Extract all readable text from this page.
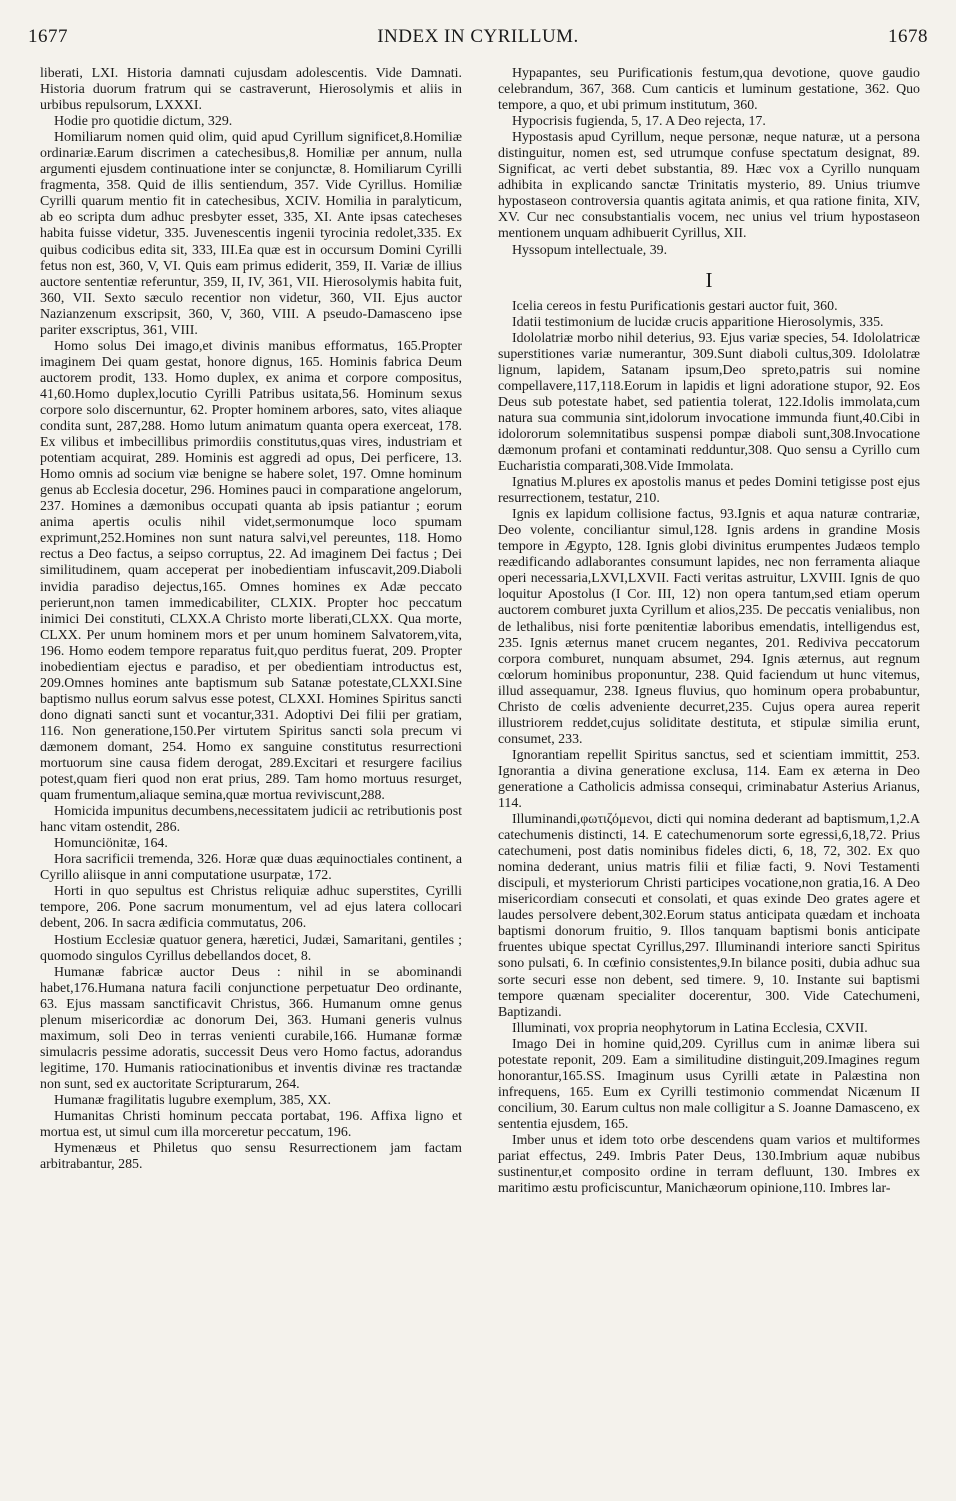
1677	INDEX IN CYRILLUM.	1678

liberati, LXI. Historia damnati cujusdam adolescentis. Vide Damnati. Historia duorum fratrum qui se castraverunt, Hierosolymis et aliis in urbibus repulsorum, LXXXI.

Hodie pro quotidie dictum, 329.

Homiliarum nomen quid olim, quid apud Cyrillum significet,8.Homiliæ ordinariæ.Earum discrimen a catechesibus,8. Homiliæ per annum, nulla argumenti ejusdem continuatione inter se conjunctæ, 8. Homiliarum Cyrilli fragmenta, 358. Quid de illis sentiendum, 357. Vide Cyrillus. Homiliæ Cyrilli quarum mentio fit in catechesibus, XCIV. Homilia in paralyticum, ab eo scripta dum adhuc presbyter esset, 335, XI. Ante ipsas catecheses habita fuisse videtur, 335. Juvenescentis ingenii tyrocinia redolet,335. Ex quibus codicibus edita sit, 333, III.Ea quæ est in occursum Domini Cyrilli fetus non est, 360, V, VI. Quis eam primus ediderit, 359, II. Variæ de illius auctore sententiæ referuntur, 359, II, IV, 361, VII. Hierosolymis habita fuit, 360, VII. Sexto sæculo recentior non videtur, 360, VII. Ejus auctor Nazianzenum exscripsit, 360, V, 360, VIII. A pseudo-Damasceno ipse pariter exscriptus, 361, VIII.

Homo solus Dei imago,et divinis manibus efformatus, 165.Propter imaginem Dei quam gestat, honore dignus, 165. Hominis fabrica Deum auctorem prodit, 133. Homo duplex, ex anima et corpore compositus, 41,60.Homo duplex,locutio Cyrilli Patribus usitata,56. Hominum sexus corpore solo discernuntur, 62. Propter hominem arbores, sato, vites aliaque condita sunt, 287,288. Homo lutum animatum quanta opera exerceat, 178. Ex vilibus et imbecillibus primordiis constitutus,quas vires, industriam et potentiam acquirat, 289. Hominis est aggredi ad opus, Dei perficere, 13. Homo omnis ad socium viæ benigne se habere solet, 197. Omne hominum genus ab Ecclesia docetur, 296. Homines pauci in comparatione angelorum, 237. Homines a dæmonibus occupati quanta ab ipsis patiantur ; eorum anima apertis oculis nihil videt,sermonumque loco spumam exprimunt,252.Homines non sunt natura salvi,vel pereuntes, 118. Homo rectus a Deo factus, a seipso corruptus, 22. Ad imaginem Dei factus ; Dei similitudinem, quam acceperat per inobedientiam infuscavit,209.Diaboli invidia paradiso dejectus,165. Omnes homines ex Adæ peccato perierunt,non tamen immedicabiliter, CLXIX. Propter hoc peccatum inimici Dei constituti, CLXX.A Christo morte liberati,CLXX. Qua morte, CLXX. Per unum hominem mors et per unum hominem Salvatorem,vita, 196. Homo eodem tempore reparatus fuit,quo perditus fuerat, 209. Propter inobedientiam ejectus e paradiso, et per obedientiam introductus est, 209.Omnes homines ante baptismum sub Satanæ potestate,CLXXI.Sine baptismo nullus eorum salvus esse potest, CLXXI. Homines Spiritus sancti dono dignati sancti sunt et vocantur,331. Adoptivi Dei filii per gratiam, 116. Non generatione,150.Per virtutem Spiritus sancti sola precum vi dæmonem domant, 254. Homo ex sanguine constitutus resurrectioni mortuorum sine causa fidem derogat, 289.Excitari et resurgere facilius potest,quam fieri quod non erat prius, 289. Tam homo mortuus resurget, quam frumentum,aliaque semina,quæ mortua reviviscunt,288.

Homicida impunitus decumbens,necessitatem judicii ac retributionis post hanc vitam ostendit, 286.

Homunciönitæ, 164.

Hora sacrificii tremenda, 326. Horæ quæ duas æquinoctiales continent, a Cyrillo aliisque in anni computatione usurpatæ, 172.

Horti in quo sepultus est Christus reliquiæ adhuc superstites, Cyrilli tempore, 206. Pone sacrum monumentum, vel ad ejus latera collocari debent, 206. In sacra ædificia commutatus, 206.

Hostium Ecclesiæ quatuor genera, hæretici, Judæi, Samaritani, gentiles ; quomodo singulos Cyrillus debellandos docet, 8.

Humanæ fabricæ auctor Deus : nihil in se abominandi habet,176.Humana natura facili conjunctione perpetuatur Deo ordinante, 63. Ejus massam sanctificavit Christus, 366. Humanum omne genus plenum misericordiæ ac donorum Dei, 363. Humani generis vulnus maximum, soli Deo in terras venienti curabile,166. Humanæ formæ simulacris pessime adoratis, successit Deus vero Homo factus, adorandus legitime, 170. Humanis ratiocinationibus et inventis divinæ res tractandæ non sunt, sed ex auctoritate Scripturarum, 264.

Humanæ fragilitatis lugubre exemplum, 385, XX.

Humanitas Christi hominum peccata portabat, 196. Affixa ligno et mortua est, ut simul cum illa morceretur peccatum, 196.

Hymenæus et Philetus quo sensu Resurrectionem jam factam arbitrabantur, 285.

Hypapantes, seu Purificationis festum,qua devotione, quove gaudio celebrandum, 367, 368. Cum canticis et luminum gestatione, 362. Quo tempore, a quo, et ubi primum institutum, 360.

Hypocrisis fugienda, 5, 17. A Deo rejecta, 17.

Hypostasis apud Cyrillum, neque personæ, neque naturæ, ut a persona distinguitur, nomen est, sed utrumque confuse spectatum designat, 89. Significat, ac verti debet substantia, 89. Hæc vox a Cyrillo nunquam adhibita in explicando sanctæ Trinitatis mysterio, 89. Unius triumve hypostaseon controversia quantis agitata animis, et qua ratione finita, XIV, XV. Cur nec consubstantialis vocem, nec unius vel trium hypostaseon mentionem unquam adhibuerit Cyrillus, XII.

Hyssopum intellectuale, 39.

I

Icelia cereos in festu Purificationis gestari auctor fuit, 360.

Idatii testimonium de lucidæ crucis apparitione Hierosolymis, 335.

Idololatriæ morbo nihil deterius, 93. Ejus variæ species, 54. Idololatricæ superstitiones variæ numerantur, 309.Sunt diaboli cultus,309. Idololatræ lignum, lapidem, Satanam ipsum,Deo spreto,patris sui nomine compellavere,117,118.Eorum in lapidis et ligni adoratione stupor, 92. Eos Deus sub potestate habet, sed patientia tolerat, 122.Idolis immolata,cum natura sua communia sint,idolorum invocatione immunda fiunt,40.Cibi in idolororum solemnitatibus suspensi pompæ diaboli sunt,308.Invocatione dæmonum profani et contaminati redduntur,308. Quo sensu a Cyrillo cum Eucharistia comparati,308.Vide Immolata.

Ignatius M.plures ex apostolis manus et pedes Domini tetigisse post ejus resurrectionem, testatur, 210.

Ignis ex lapidum collisione factus, 93.Ignis et aqua naturæ contrariæ, Deo volente, conciliantur simul,128. Ignis ardens in grandine Mosis tempore in Ægypto, 128. Ignis globi divinitus erumpentes Judæos templo reædificando adlaborantes consumunt lapides, nec non ferramenta aliaque operi necessaria,LXVI,LXVII. Facti veritas astruitur, LXVIII. Ignis de quo loquitur Apostolus (I Cor. III, 12) non opera tantum,sed etiam operum auctorem comburet juxta Cyrillum et alios,235. De peccatis venialibus, non de lethalibus, nisi forte pœnitentiæ laboribus emendatis, intelligendus est, 235. Ignis æternus manet crucem negantes, 201. Rediviva peccatorum corpora comburet, nunquam absumet, 294. Ignis æternus, aut regnum cœlorum hominibus proponuntur, 238. Quid faciendum ut hunc vitemus, illud assequamur, 238. Igneus fluvius, quo hominum opera probabuntur, Christo de cœlis adveniente decurret,235. Cujus opera aurea reperit illustriorem reddet,cujus soliditate destituta, et stipulæ similia erunt, consumet, 233.

Ignorantiam repellit Spiritus sanctus, sed et scientiam immittit, 253. Ignorantia a divina generatione exclusa, 114. Eam ex æterna in Deo generatione a Catholicis admissa consequi, criminabatur Asterius Arianus, 114.

Illuminandi,φωτιζόμενοι, dicti qui nomina dederant ad baptismum,1,2.A catechumenis distincti, 14. E catechumenorum sorte egressi,6,18,72. Prius catechumeni, post datis nominibus fideles dicti, 6, 18, 72, 302. Ex quo nomina dederant, unius matris filii et filiæ facti, 9. Novi Testamenti discipuli, et mysteriorum Christi participes vocatione,non gratia,16. A Deo misericordiam consecuti et consolati, et quas exinde Deo grates agere et laudes persolvere debent,302.Eorum status anticipata quædam et inchoata baptismi donorum fruitio, 9. Illos tanquam baptismi bonis anticipate fruentes ubique spectat Cyrillus,297. Illuminandi interiore sancti Spiritus sono pulsati, 6. In cœfinio consistentes,9.In bilance positi, dubia adhuc sua sorte securi esse non debent, sed timere. 9, 10. Instante sui baptismi tempore quænam specialiter docerentur, 300. Vide Catechumeni, Baptizandi.

Illuminati, vox propria neophytorum in Latina Ecclesia, CXVII.

Imago Dei in homine quid,209. Cyrillus cum in animæ libera sui potestate reponit, 209. Eam a similitudine distinguit,209.Imagines regum honorantur,165.SS. Imaginum usus Cyrilli ætate in Palæstina non infrequens, 165. Eum ex Cyrilli testimonio commendat Nicænum II concilium, 30. Earum cultus non male colligitur a S. Joanne Damasceno, ex sententia ejusdem, 165.

Imber unus et idem toto orbe descendens quam varios et multiformes pariat effectus, 249. Imbris Pater Deus, 130.Imbrium aquæ nubibus sustinentur,et composito ordine in terram defluunt, 130. Imbres ex maritimo æstu proficiscuntur, Manichæorum opinione,110. Imbres lar-
